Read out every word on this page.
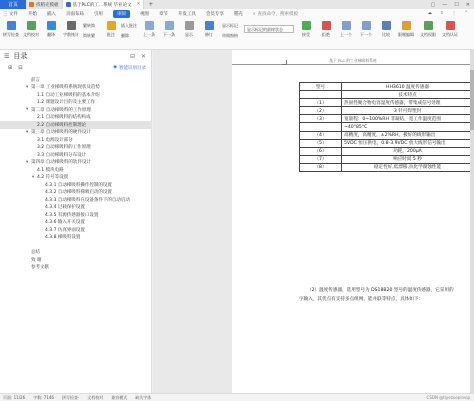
首页	找稻壳模板	基于PLC的工...系统 毕业论文 ✕ +	▢ — ☐ ✕
三 文件 开始 插入 页面布局 引用	审阅	视图 章节 开发工具 会员专享 稻壳 ⌕ 查找命令、搜索模板	☁ ⇪ ⋮ ⌃
拼写检查 文档校对 翻译 字数统计
繁转简
简转繁	批注
插入批注
删除	上一条 下一条	显示	修订
显示标记
审阅窗格
显示标记的最终状态
接受	拒绝	上一个 下一个	比较 限制编辑 文档权限 文档认证
☰ 目录	⊟ ✕
⊞ ⊟	◉ 智能识别目录
前言
▾ 第一章 工业梯吸料系统现状及趋势
1.1 自动工业梯吸料的基本介绍
1.2 课题设计目的及主要工作
▾ 第二章 自动梯吸料的工作原理
2.1 自动梯吸料的结构构成
2.2 自动梯吸料控制理论
▾ 第三章 自动梯吸料的硬件设计
3.1 电源设计部分
3.2 自动梯吸料的工作原理
3.3 自动梯吸料分布设计
▾ 第四章 自动梯吸料的软件设计
4.1 模块电路
▾ 4.2 符号等设置
4.3.1 自动梯吸料操作控制的设置
4.3.2 自动梯吸料梯吸启动的设置
4.3.3 自动梯吸料在设备条件下的自动启动
4.3.4 过载保护设置
4.3.5 有源传感器接口设置
4.3.6 输入开关设置
4.3.7 仿真界面设置
4.3.8 梯吸料设置
总结
致 谢
参考文献
基于 PLC 的工业梯吸料系统
型号	HH3610 温度传感器
	技术特点
（1）	热固性聚合物电容湿度传感器，带集成信号处理
（2）	3 针可焊塑封
（3）	宽量程：0~100%RH 非凝结，宽工作温度范围
	~40°85°C
（4）	高精度，高精度，±2%RH，极好的线形输出
（5）	5VDC 恒压供电，0.8-3.9VDC 放大线形信号输出
（6）	功耗，200μA
（7）	响应时间 5 秒
（8）	稳定性好,低漂移,抗化学腐蚀性能
（2）温度传感器，选用型号为 DS18B20 型号的温度传感器，它采用的
字输入，其优点有支持多点组网，能并联等特点，具体如下：
页面: 11/26 字数: 7146 拼写检查· 文档校对 兼容模式 缺失字体	CSDN @tiyezuopinvip
